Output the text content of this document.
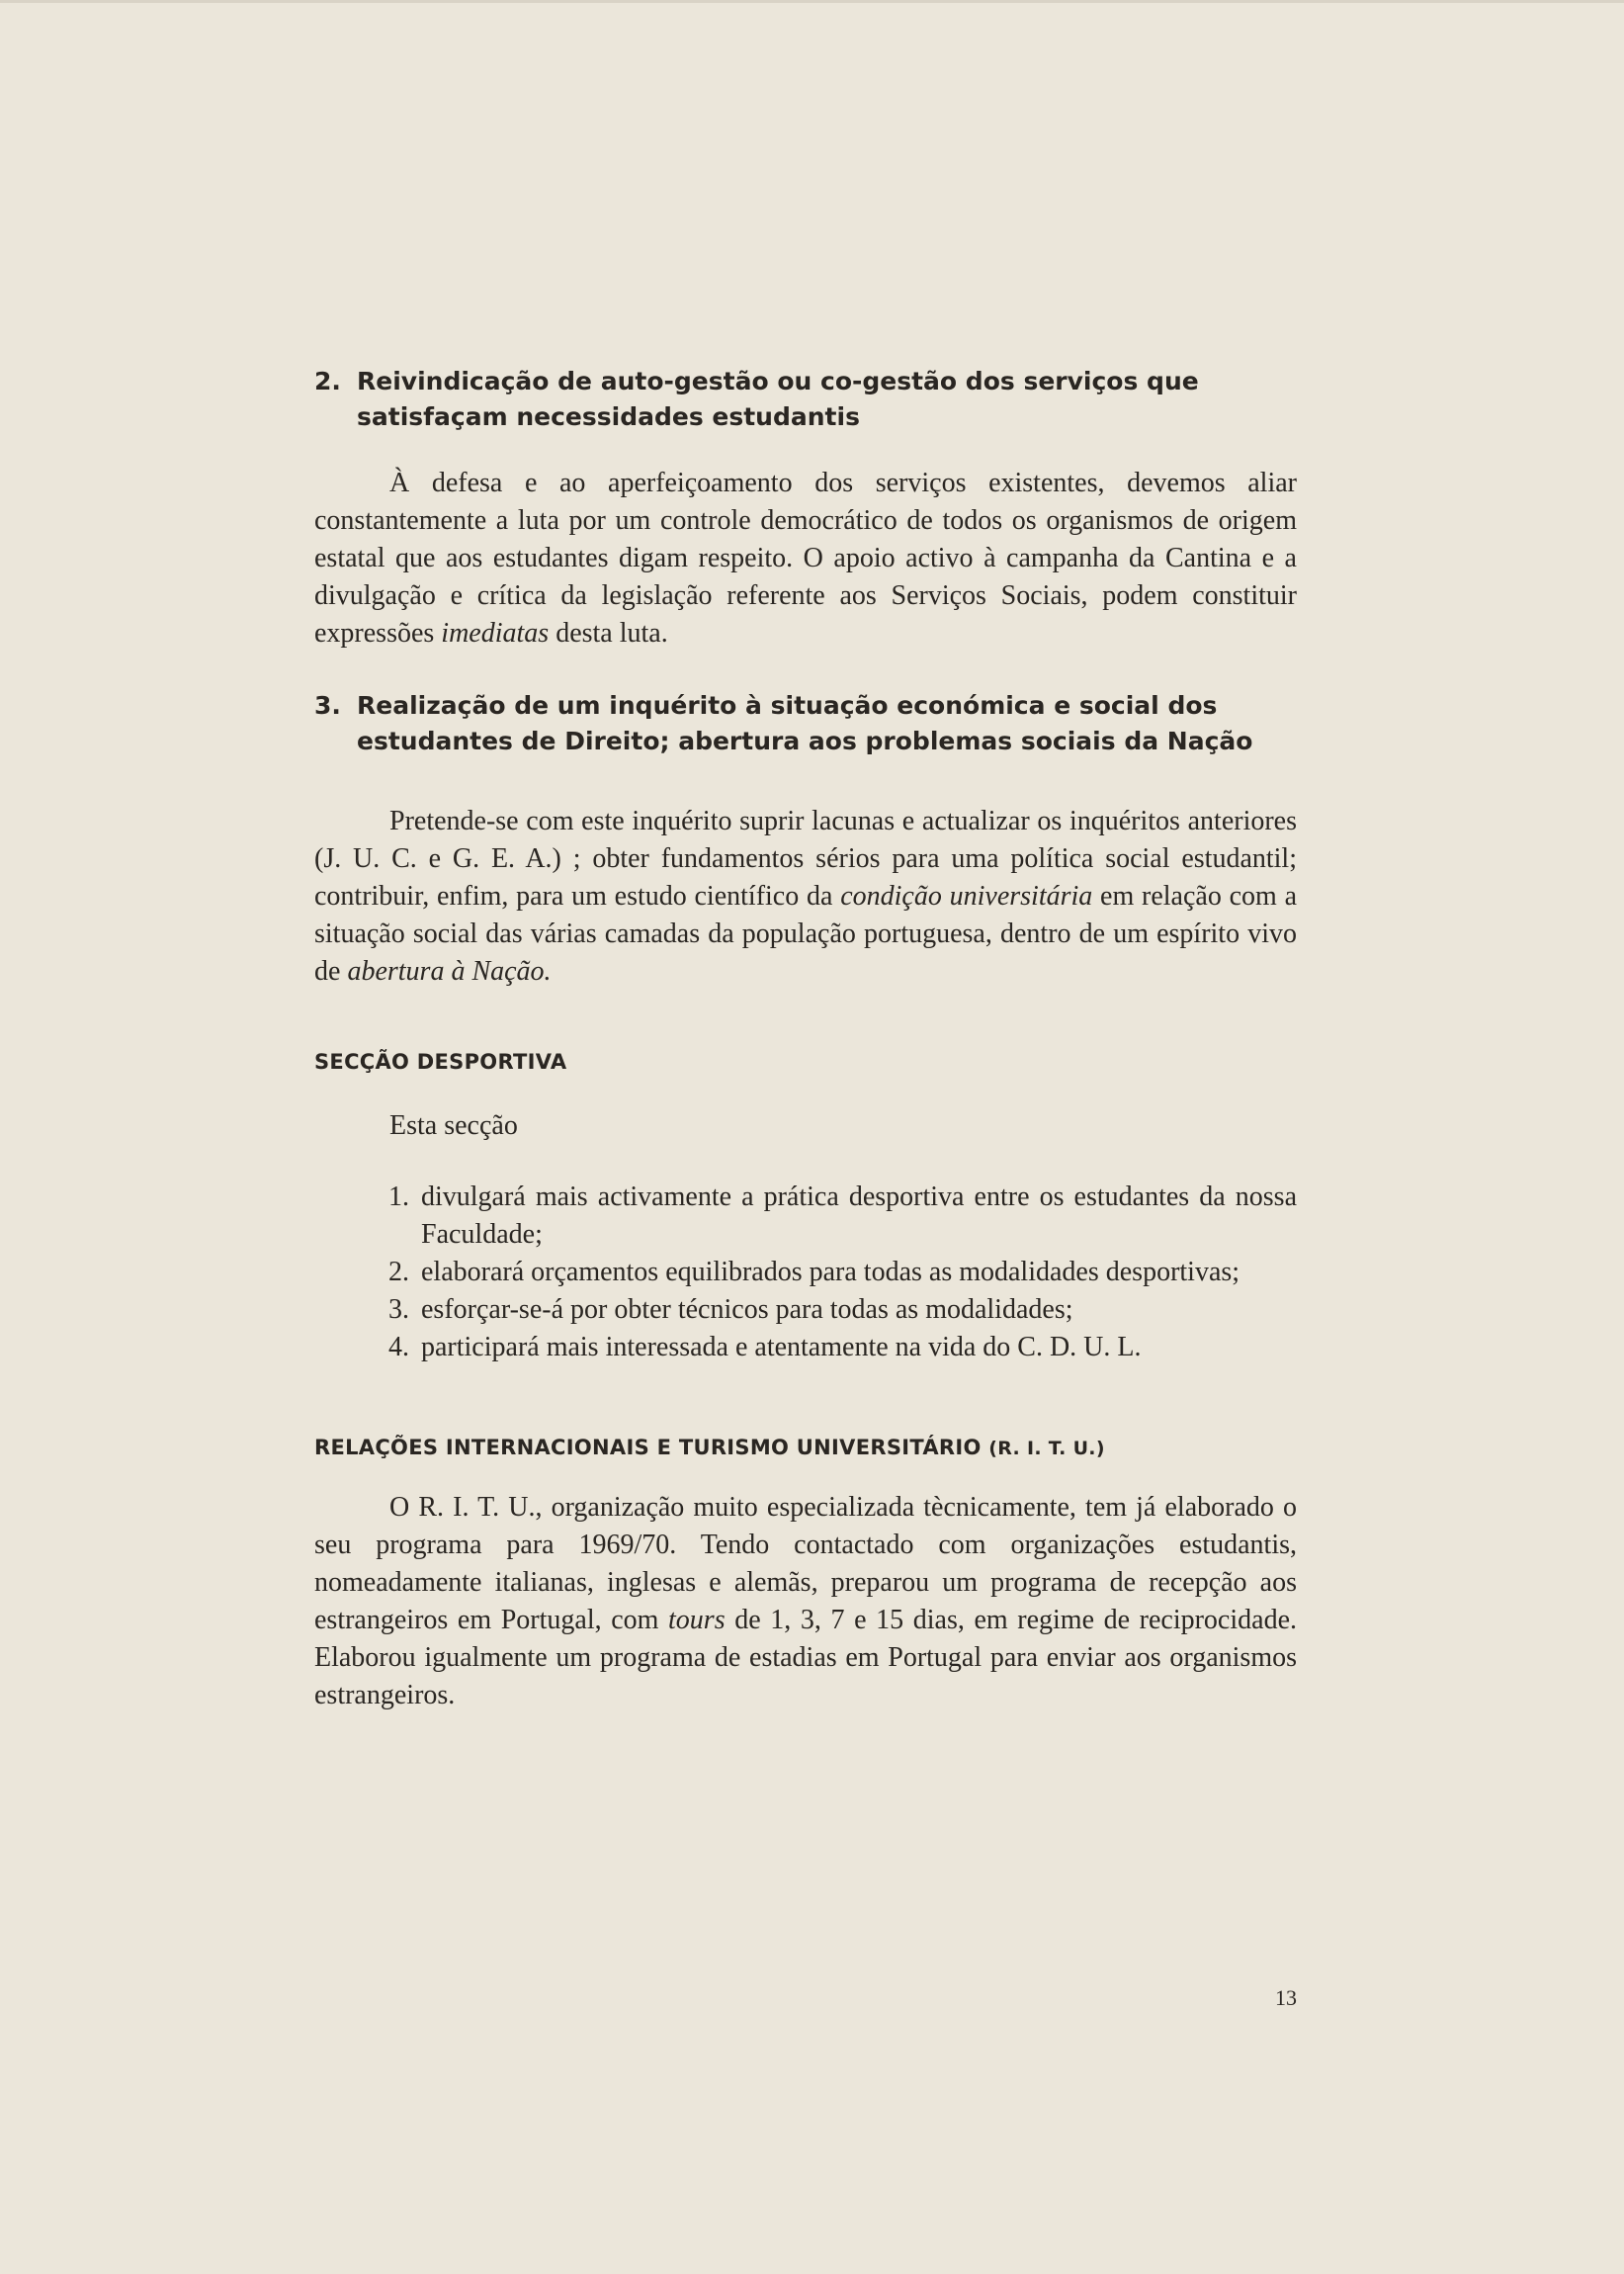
2. Reivindicação de auto-gestão ou co-gestão dos serviços que satisfaçam necessidades estudantis

À defesa e ao aperfeiçoamento dos serviços existentes, devemos aliar constantemente a luta por um controle democrático de todos os organismos de origem estatal que aos estudantes digam respeito. O apoio activo à campanha da Cantina e a divulgação e crítica da legislação referente aos Serviços Sociais, podem constituir expressões imediatas desta luta.

3. Realização de um inquérito à situação económica e social dos estudantes de Direito; abertura aos problemas sociais da Nação

Pretende-se com este inquérito suprir lacunas e actualizar os inquéritos anteriores (J. U. C. e G. E. A.) ; obter fundamentos sérios para uma política social estudantil; contribuir, enfim, para um estudo científico da condição universitária em relação com a situação social das várias camadas da população portuguesa, dentro de um espírito vivo de abertura à Nação.

SECÇÃO DESPORTIVA

Esta secção

1. divulgará mais activamente a prática desportiva entre os estudantes da nossa Faculdade;
2. elaborará orçamentos equilibrados para todas as modalidades desportivas;
3. esforçar-se-á por obter técnicos para todas as modalidades;
4. participará mais interessada e atentamente na vida do C. D. U. L.
RELAÇÕES INTERNACIONAIS E TURISMO UNIVERSITÁRIO (R. I. T. U.)

O R. I. T. U., organização muito especializada tècnicamente, tem já elaborado o seu programa para 1969/70. Tendo contactado com organizações estudantis, nomeadamente italianas, inglesas e alemãs, preparou um programa de recepção aos estrangeiros em Portugal, com tours de 1, 3, 7 e 15 dias, em regime de reciprocidade. Elaborou igualmente um programa de estadias em Portugal para enviar aos organismos estrangeiros.

13
